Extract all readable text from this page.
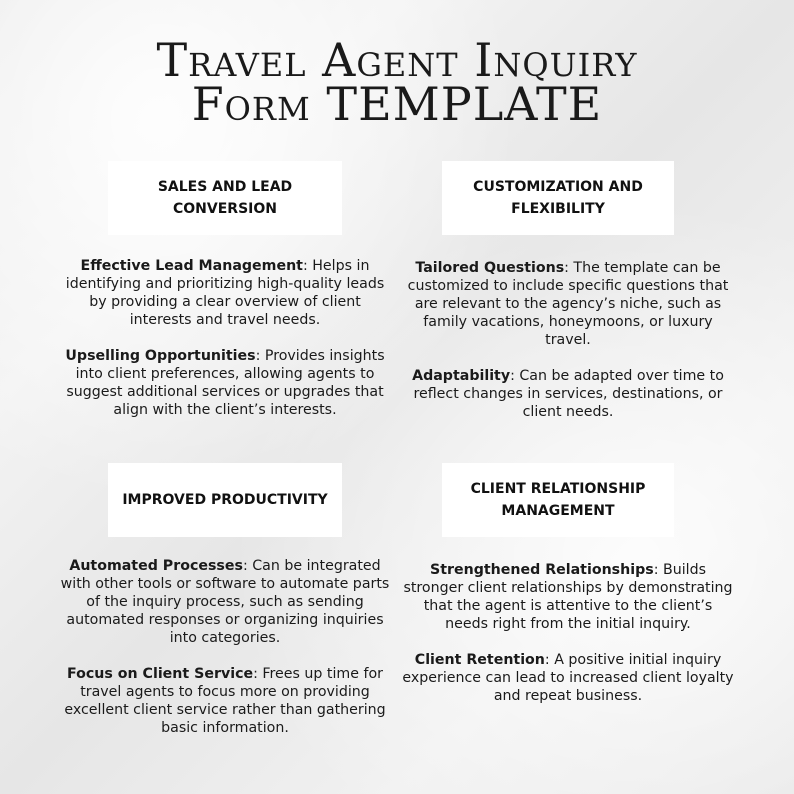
Travel Agent Inquiry
Form TEMPLATE
SALES AND LEAD CONVERSION

Effective Lead Management: Helps in identifying and prioritizing high-quality leads by providing a clear overview of client interests and travel needs.

Upselling Opportunities: Provides insights into client preferences, allowing agents to suggest additional services or upgrades that align with the client’s interests.

CUSTOMIZATION AND FLEXIBILITY

Tailored Questions: The template can be customized to include specific questions that are relevant to the agency’s niche, such as family vacations, honeymoons, or luxury travel.

Adaptability: Can be adapted over time to reflect changes in services, destinations, or client needs.

IMPROVED PRODUCTIVITY

Automated Processes: Can be integrated with other tools or software to automate parts of the inquiry process, such as sending automated responses or organizing inquiries into categories.

Focus on Client Service: Frees up time for travel agents to focus more on providing excellent client service rather than gathering basic information.

CLIENT RELATIONSHIP MANAGEMENT

Strengthened Relationships: Builds stronger client relationships by demonstrating that the agent is attentive to the client’s needs right from the initial inquiry.

Client Retention: A positive initial inquiry experience can lead to increased client loyalty and repeat business.
